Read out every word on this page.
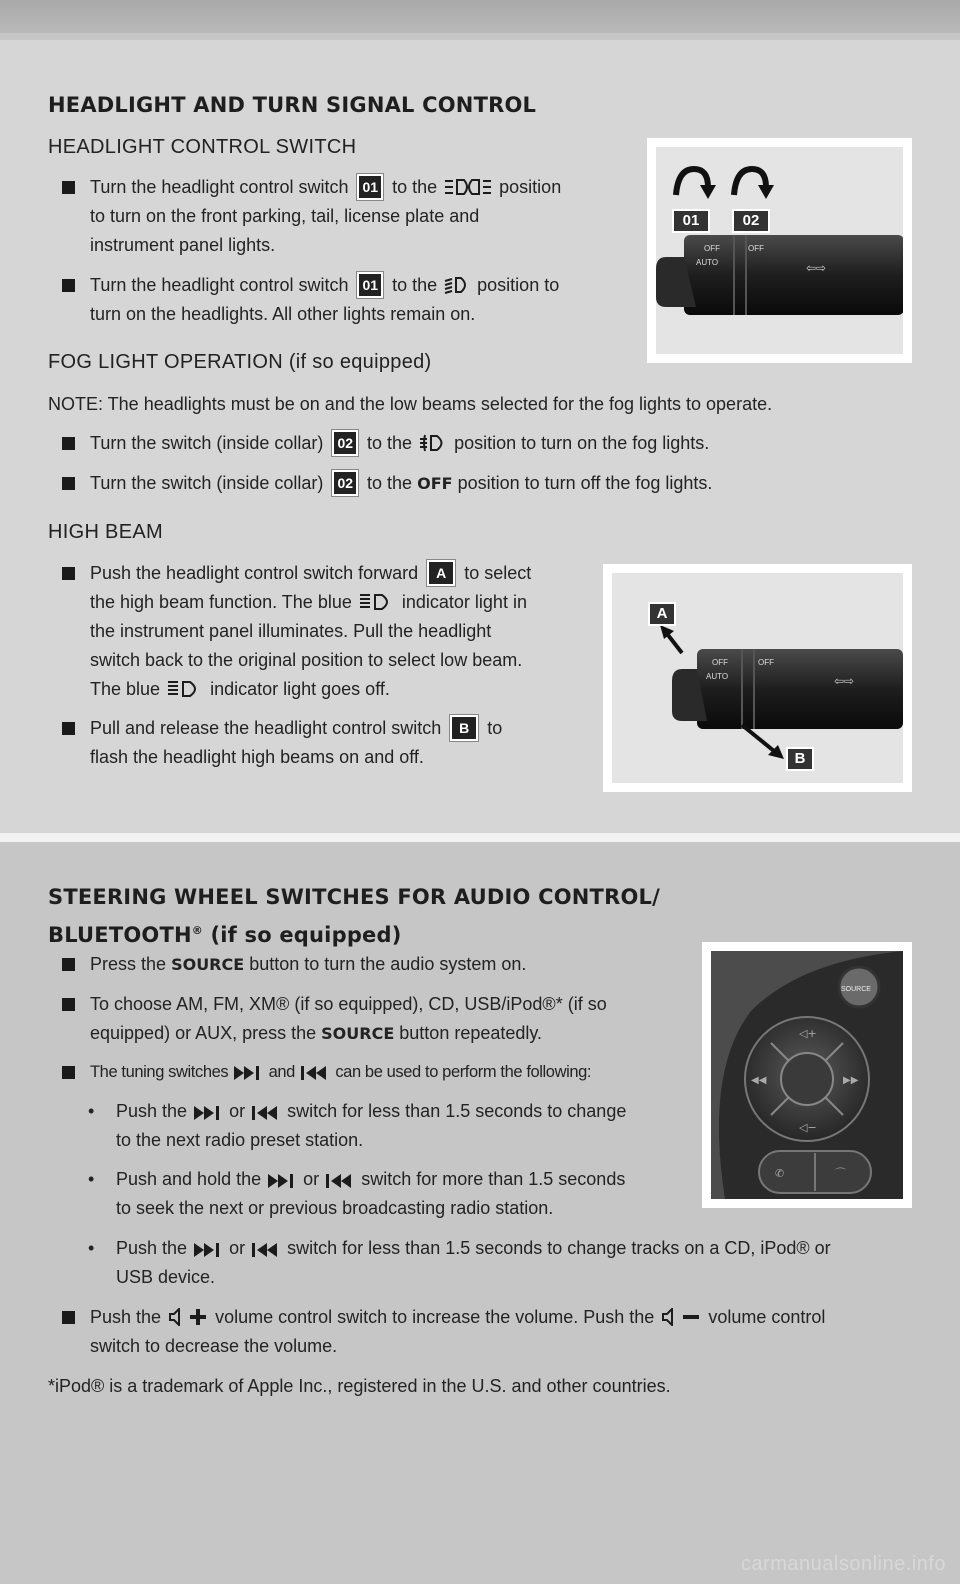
HEADLIGHT AND TURN SIGNAL CONTROL
HEADLIGHT CONTROL SWITCH
Turn the headlight control switch 01 to the	position
to turn on the front parking, tail, license plate and
instrument panel lights.
Turn the headlight control switch 01 to the position to
turn on the headlights. All other lights remain on.
FOG LIGHT OPERATION (if so equipped)
NOTE: The headlights must be on and the low beams selected for the fog lights to operate.
Turn the switch (inside collar) 02 to the position to turn on the fog lights.
Turn the switch (inside collar) 02 to the OFF position to turn off the fog lights.
HIGH BEAM
Push the headlight control switch forward A to select
the high beam function. The blue	indicator light in
the instrument panel illuminates. Pull the headlight
switch back to the original position to select low beam.
The blue	indicator light goes off.
Pull and release the headlight control switch B to
flash the headlight high beams on and off.
OFF
AUTO
OFF
⇦⇨
01	02
OFF
AUTO
OFF
⇦⇨
A
B
STEERING WHEEL SWITCHES FOR AUDIO CONTROL/
BLUETOOTH® (if so equipped)
Press the SOURCE button to turn the audio system on.
To choose AM, FM, XM® (if so equipped), CD, USB/iPod®* (if so
equipped) or AUX, press the SOURCE button repeatedly.
The tuning switches and can be used to perform the following:
• Push the or switch for less than 1.5 seconds to change
to the next radio preset station.
• Push and hold the or switch for more than 1.5 seconds
to seek the next or previous broadcasting radio station.
• Push the or switch for less than 1.5 seconds to change tracks on a CD, iPod® or
USB device.
Push the	volume control switch to increase the volume. Push the	volume control
switch to decrease the volume.
*iPod® is a trademark of Apple Inc., registered in the U.S. and other countries.
SOURCE
◁+
◁−
◀◀	▶▶
✆	⌒
carmanualsonline.info
